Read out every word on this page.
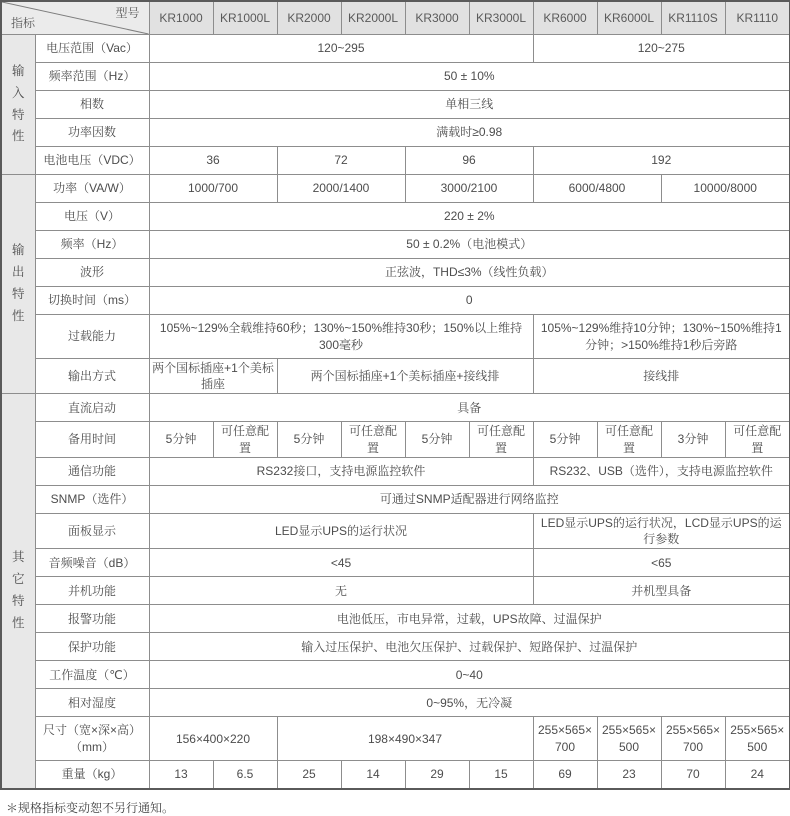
型号
指标		KR1000	KR1000L	KR2000	KR2000L	KR3000	KR3000L	KR6000	KR6000L	KR1110S	KR1110

输入特性	电压范围（Vac）	120~295						120~275			
	频率范围（Hz）	50 ± 10%									
	相数	单相三线									
	功率因数	满载时≥0.98									
	电池电压（VDC）	36		72		96		192			

输出特性	功率（VA/W）	1000/700		2000/1400		3000/2100		6000/4800		10000/8000	
	电压（V）	220 ± 2%									
	频率（Hz）	50 ± 0.2%（电池模式）									
	波形	正弦波，THD≤3%（线性负载）									
	切换时间（ms）	0									
	过载能力	105%~129%全载维持60秒；130%~150%维持30秒；150%以上维持300毫秒						105%~129%维持10分钟；130%~150%维持1分钟；>150%维持1秒后旁路			
	输出方式	两个国标插座+1个美标插座		两个国标插座+1个美标插座+接线排				接线排			

其它特性	直流启动	具备									
	备用时间	5分钟	可任意配置	5分钟	可任意配置	5分钟	可任意配置	5分钟	可任意配置	3分钟	可任意配置
	通信功能	RS232接口，支持电源监控软件						RS232、USB（选件），支持电源监控软件			
	SNMP（选件）	可通过SNMP适配器进行网络监控									
	面板显示	LED显示UPS的运行状况						LED显示UPS的运行状况，LCD显示UPS的运行参数			
	音频噪音（dB）	<45						<65			
	并机功能	无						并机型具备			
	报警功能	电池低压，市电异常，过载，UPS故障、过温保护									
	保护功能	输入过压保护、电池欠压保护、过载保护、短路保护、过温保护									
	工作温度（℃）	0~40									
	相对湿度	0~95%，无冷凝									
	尺寸（宽×深×高）（mm）	156×400×220		198×490×347				255×565×700	255×565×500	255×565×700	255×565×500
	重量（kg）	13	6.5	25	14	29	15	69	23	70	24
＊规格指标变动恕不另行通知。
